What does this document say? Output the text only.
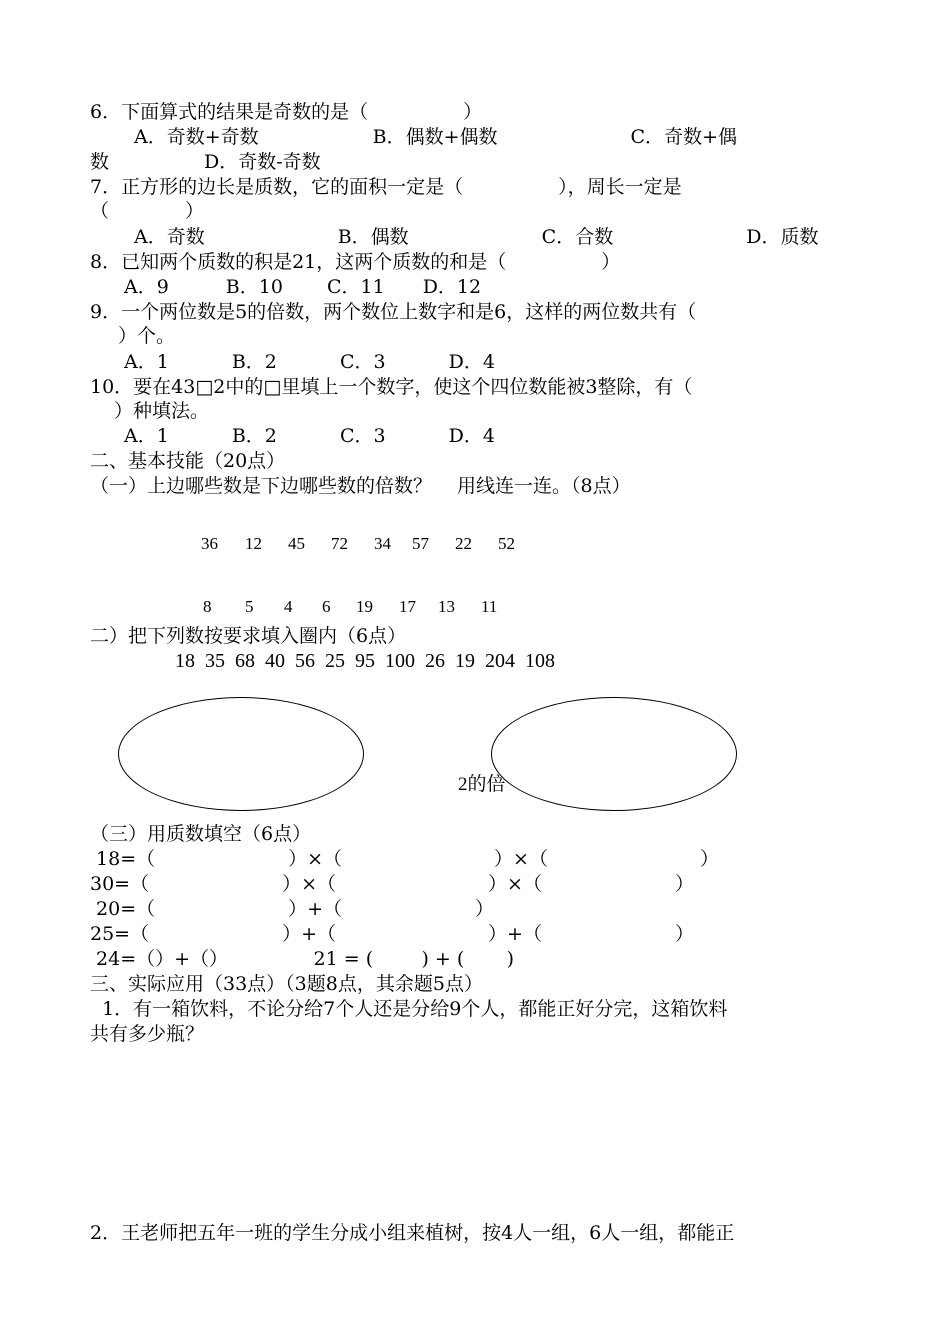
6．下面算式的结果是奇数的是（　　　　　）
A．奇数+奇数　　　　　　B．偶数+偶数　　　　　　　C．奇数+偶
数　　　　　D．奇数-奇数
7．正方形的边长是质数，它的面积一定是（　　　　　），周长一定是
（　　　　）
A．奇数　　　　　　　B．偶数　　　　　　　C．合数　　　　　　　D．质数
8．已知两个质数的积是21，这两个质数的和是（　　　　　）
A．9　　　B．10　　 C．11　　D．12
9．一个两位数是5的倍数，两个数位上数字和是6，这样的两位数共有（
）个。
A．1　　　 B．2　　　 C．3　　　 D．4
10．要在43□2中的□里填上一个数字，使这个四位数能被3整除，有（
）种填法。
A．1　　　 B．2　　　 C．3　　　 D．4
二、基本技能（20点）
（一）上边哪些数是下边哪些数的倍数？　 用线连一连。（8点）
36 12 45 72 34 57 22 52
8 5 4 6 19 17 13 11
二）把下列数按要求填入圈内（6点）
18  35  68  40  56  25  95  100  26  19  204  108
2的倍
（三）用质数填空（6点）
18=（　　　　　　　）×（　　　　　　　　）×（　　　　　　　　）
30=（　　　　　　　）×（　　　　　　　　）×（　　　　　　　）
20=（　　　　　　　）+（　　　　　　　）
25=（　　　　　　　）+（　　　　　　　　）+（　　　　　　　）
24=（）+（）　　　　　21 = (        ) + (       )
三、实际应用（33点）（3题8点，其余题5点）
1．有一箱饮料，不论分给7个人还是分给9个人，都能正好分完，这箱饮料
共有多少瓶？
2．王老师把五年一班的学生分成小组来植树，按4人一组，6人一组，都能正
